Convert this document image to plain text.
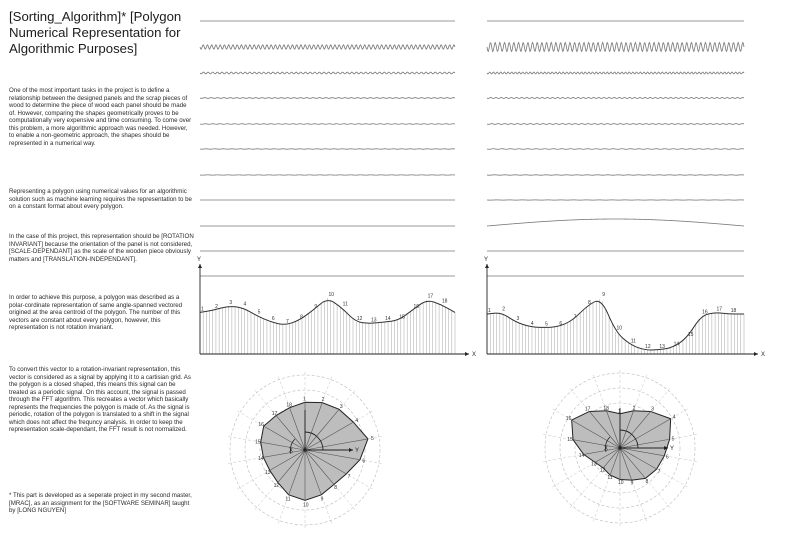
[Sorting_Algorithm]* [Polygon Numerical Representation for Algorithmic Purposes]

One of the most important tasks in the project is to define a relationship between the designed panels and the scrap pieces of wood to determine the piece of wood each panel should be made of. However, comparing the shapes geometrically proves to be computationally very expensive and time consuming. To come over this problem, a more algorithmic approach was needed. However, to enable a non-geometric approach, the shapes should be represented in a numerical way.

Representing a polygon using numerical values for an algorithmic solution such as machine learning requires the representation to be on a constant format about every polygon.

In the case of this project, this representation should be [ROTATION INVARIANT] because the orientation of the panel is not considered, [SCALE-DEPENDANT] as the scale of the wooden piece obviously matters and [TRANSLATION-INDEPENDANT].

In order to achieve this purpose, a polygon was described as a polar-cordinate representation of same angle-spanned vectored origined at the area centroid of the polygon. The number of this vectors are constant about every polygon, however, this representation is not rotation invariant.

To convert this vector to a rotation-invariant representation, this vector is considered as a signal by applying it to a cartisian grid. As the polygon is a closed shaped, this means this signal can be treated as a periodic signal. On this account, the signal is passed through the FFT algorithm. This recreates a vector which basically represents the frequencies the polygon is made of. As the signal is periodic, rotation of the polygon is translated to a shift in the signal which does not affect the frequncy analysis. In order to keep the representation scale-dependant, the FFT result is not normalized.

* This part is developed as a seperate project in my second master, [MRAC], as an assignment for the [SOFTWARE SEMINAR] taught by [LONG NGUYEN]

1 2
3 4
5
6
7
8
9
10
11
12 13 14 15
16
17
18
X
Y
1 2
3
4 5 6
7
8
9
10
11
12 13 14
15
16
17 18
X
Y
1	2
3
4
5
6
7
8
9
10
11
12
13
14
15
16
17
18
X	Y
1
2	3
4
5
6
7
8
9
10
11
12
13
14
15
16
17	18
X	Y
